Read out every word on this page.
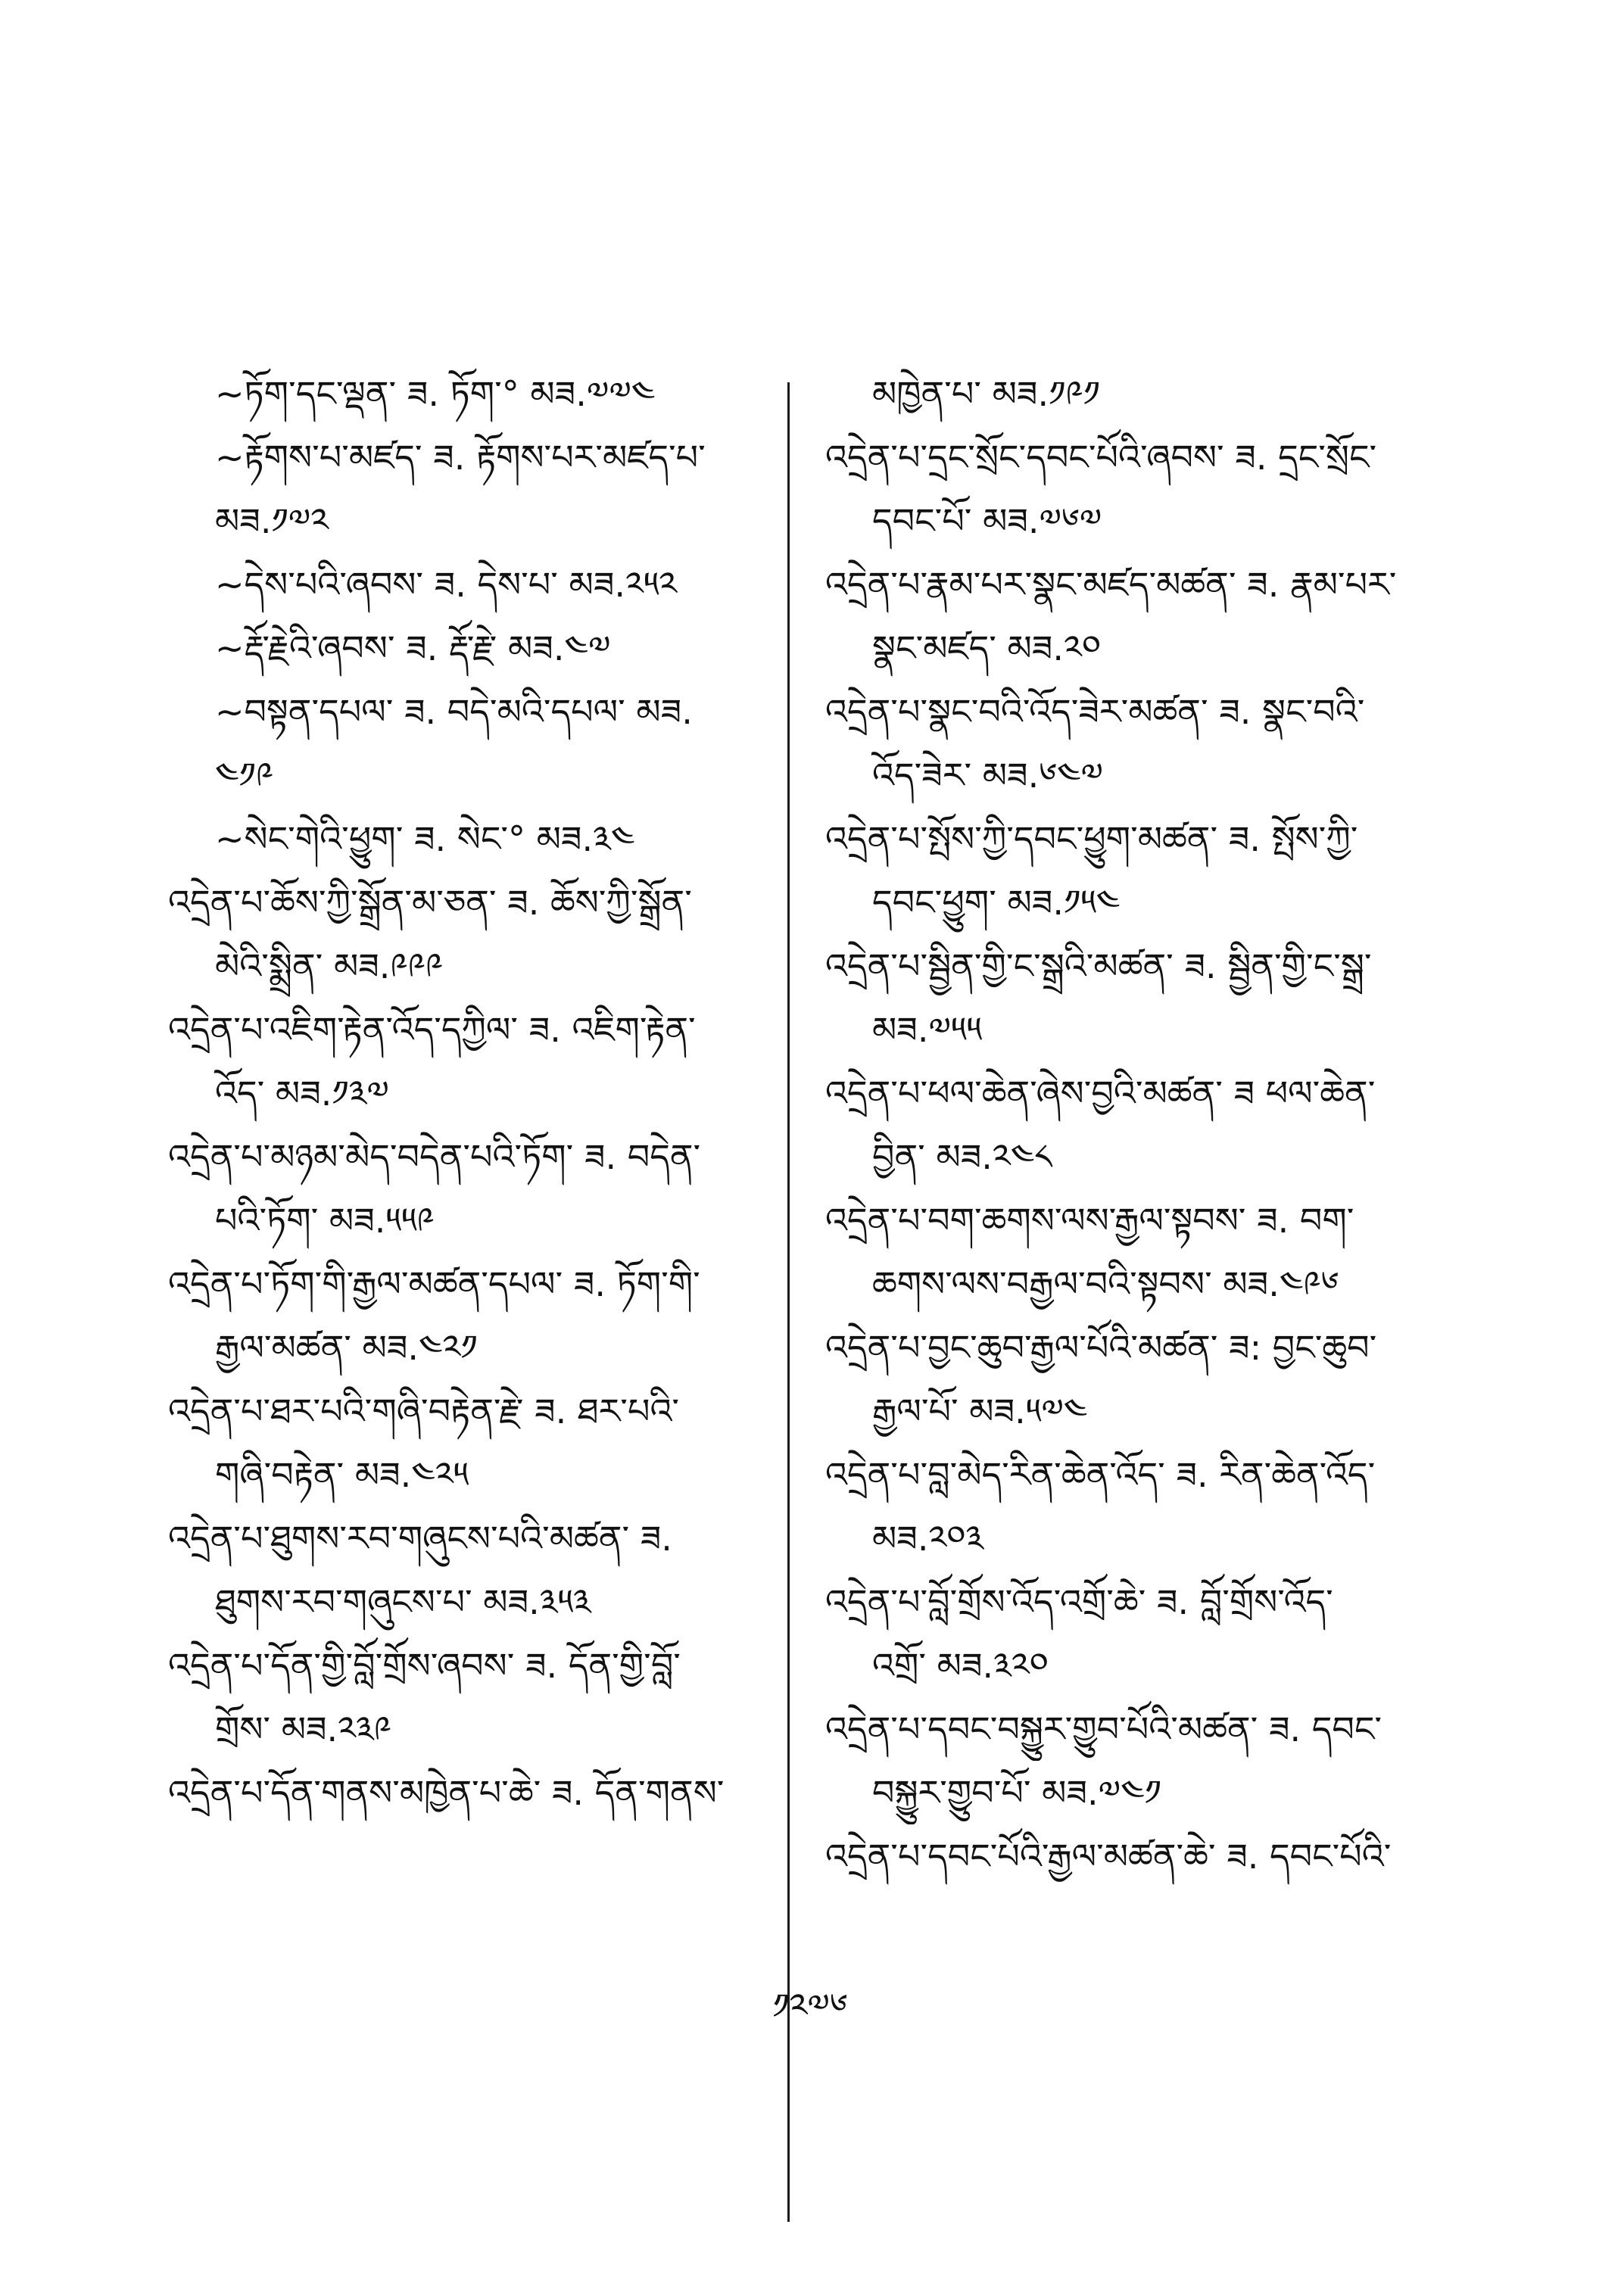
~ཏོག་དང་ལྡན་ ཟ. ཏོག་° མཟ.༧༧༤
~རྟོགས་པ་མཛད་ ཟ. རྟོགས་པར་མཛད་པ་
མཟ.༡༧༢
~དེས་པའི་ཞབས་ ཟ. དེས་པ་ མཟ.༢༥༢
~རྡོ་རྗེའི་ཞབས་ ཟ. རྡོ་རྗེ་ མཟ.༤༧
~བསྟན་དཔལ་ ཟ. བདེ་མའི་དཔལ་ མཟ.
༤༡༩
~སེང་གེའི་ཕྱུག་ ཟ. སེང་° མཟ.༣༤
འདྲེན་པ་ཆོས་ཀྱི་སྒྲོན་མ་ཅན་ ཟ. ཆོས་ཀྱི་སྒྲོན་
མེའི་སྨྲིན་ མཟ.༩༩༩
འདྲེན་པ་འཇིག་རྟེན་འོད་དཀྱིལ་ ཟ. འཇིག་རྟེན་
འོད་ མཟ.༡༣༧
འདྲེན་པ་མཉམ་མེད་བདེན་པའི་ཏོག་ ཟ. བདེན་
པའི་ཏོག་ མཟ.༥༥༩
འདྲེན་པ་ཏོག་གི་རྒྱལ་མཚན་དཔལ་ ཟ. ཏོག་གི་
རྒྱལ་མཚན་ མཟ.༤༢༡
འདྲེན་པ་ཐར་པའི་གཞི་བརྟེན་རྗེ་ ཟ. ཐར་པའི་
གཞི་བརྟེན་ མཟ.༤༢༥
འདྲེན་པ་ཐུགས་རབ་གཞུངས་པའི་མཚན་ ཟ.
ཐུགས་རབ་གཞུངས་པ་ མཟ.༣༥༣
འདྲེན་པ་དོན་གྱི་བློ་གྲོས་ཞབས་ ཟ. དོན་གྱི་བློ་
གྲོས་ མཟ.༢༣༩
འདྲེན་པ་དོན་གནས་མཁྱེན་པ་ཆེ་ ཟ. དོན་གནས་
མཁྱེན་པ་ མཟ.༡༩༡
འདྲེན་པ་དྲང་སྲོང་དབང་པོའི་ཞབས་ ཟ. དྲང་སྲོང་
དབང་པོ་ མཟ.༧༦༧
འདྲེན་པ་རྣམ་པར་སྣང་མཛད་མཚན་ ཟ. རྣམ་པར་
སྣང་མཛད་ མཟ.༢༠
འདྲེན་པ་སྣང་བའི་འོད་ཟེར་མཚན་ ཟ. སྣང་བའི་
འོད་ཟེར་ མཟ.༦༤༧
འདྲེན་པ་སྤོས་ཀྱི་དབང་ཕྱུག་མཚན་ ཟ. སྤོས་ཀྱི་
དབང་ཕྱུག་ མཟ.༡༥༤
འདྲེན་པ་སྦྱིན་གྱི་ང་སྒྲའི་མཚན་ ཟ. སྦྱིན་གྱི་ང་སྒྲ་
མཟ.༧༥༥
འདྲེན་པ་ཕལ་ཆེན་ཞེས་བྱའི་མཚན་ ཟ ཕལ་ཆེན་
བྱིན་ མཟ.༢༤༨
འདྲེན་པ་བག་ཆགས་ལས་རྒྱལ་སྟབས་ ཟ. བག་
ཆགས་ལས་བརྒྱལ་བའི་སྟབས་ མཟ.༤༩༦
འདྲེན་པ་བྱང་ཆུབ་རྒྱལ་པོའི་མཚན་ ཟ: བྱང་ཆུབ་
རྒྱལ་པོ་ མཟ.༥༧༤
འདྲེན་པ་བླ་མེད་རིན་ཆེན་འོད་ ཟ. རིན་ཆེན་འོད་
མཟ.༢༠༣
འདྲེན་པ་བློ་གྲོས་འོད་འགྲོ་ཆེ་ ཟ. བློ་གྲོས་འོད་
འགྲོ་ མཟ.༣༢༠
འདྲེན་པ་དབང་བསྐྱུར་གྱུབ་པོའི་མཚན་ ཟ. དབང་
བསྐྱུར་གྱུབ་པོ་ མཟ.༧༤༡
འདྲེན་པ་དབང་པོའི་རྒྱལ་མཚན་ཆེ་ ཟ. དབང་པོའི་
༡༢༧༦
